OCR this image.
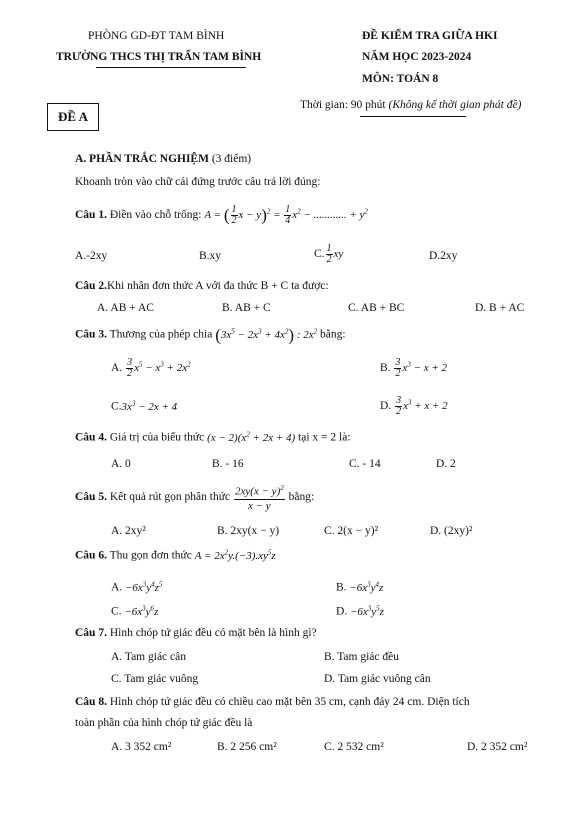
PHÒNG GD-ĐT TAM BÌNH
TRƯỜNG THCS THỊ TRẤN TAM BÌNH
ĐỀ KIỂM TRA GIỮA HKI
NĂM HỌC 2023-2024
MÔN: TOÁN 8
ĐỀ A
Thời gian: 90 phút (Không kể thời gian phát đề)
A. PHẦN TRẮC NGHIỆM (3 điểm)
Khoanh tròn vào chữ cái đứng trước câu trả lời đúng:
Câu 1. Điền vào chỗ trống: A = ( $\frac{1}{2}$ $x - y)^2 = \frac{1}{4} x^2$ − ............ + $y^2$
A.-2xy	B.xy	C. $\frac{1}{2}$ xy	D.2xy
Câu 2.Khi nhân đơn thức A với đa thức B + C ta được:
A. AB + AC	B. AB + C	C. AB + BC	D. B + AC
Câu 3. Thương của phép chia $(3x^5 - 2x^3 + 4x^2)$ : $2x^2$ bằng:
A. $\frac{3}{2} x^5 - x^3 + 2x^2$	B. $\frac{3}{2} x^3 - x + 2$
$C.3x^3 - 2x + 4$	D. $\frac{3}{2} x^3 + x + 2$
Câu 4. Giá trị của biểu thức $(x - 2)(x^2 + 2x + 4)$ tại x = 2 là:
A. 0	B. - 16	C. - 14	D. 2
Câu 5. Kết quả rút gọn phân thức $\frac{2xy(x - y)^2}{x - y}$ bằng:
A. 2xy²	B. 2xy(x − y)	C. 2(x − y)²	D. (2xy)²
Câu 6. Thu gọn đơn thức $A = 2x^2y.(-3).xy^5z$
A. $-6x^3y^4z^5$	B. $-6x^3y^4z$
C. $-6x^3y^6z$	D. $-6x^3y^5z$
Câu 7. Hình chóp tứ giác đều có mặt bên là hình gì?
A. Tam giác cân	B. Tam giác đều
C. Tam giác vuông	D. Tam giác vuông cân
Câu 8. Hình chóp tứ giác đều có chiều cao mặt bên 35 cm, cạnh đáy 24 cm. Diện tích
toàn phần của hình chóp tứ giác đều là
A. 3 352 cm²	B. 2 256 cm²	C. 2 532 cm²	D. 2 352 cm²
